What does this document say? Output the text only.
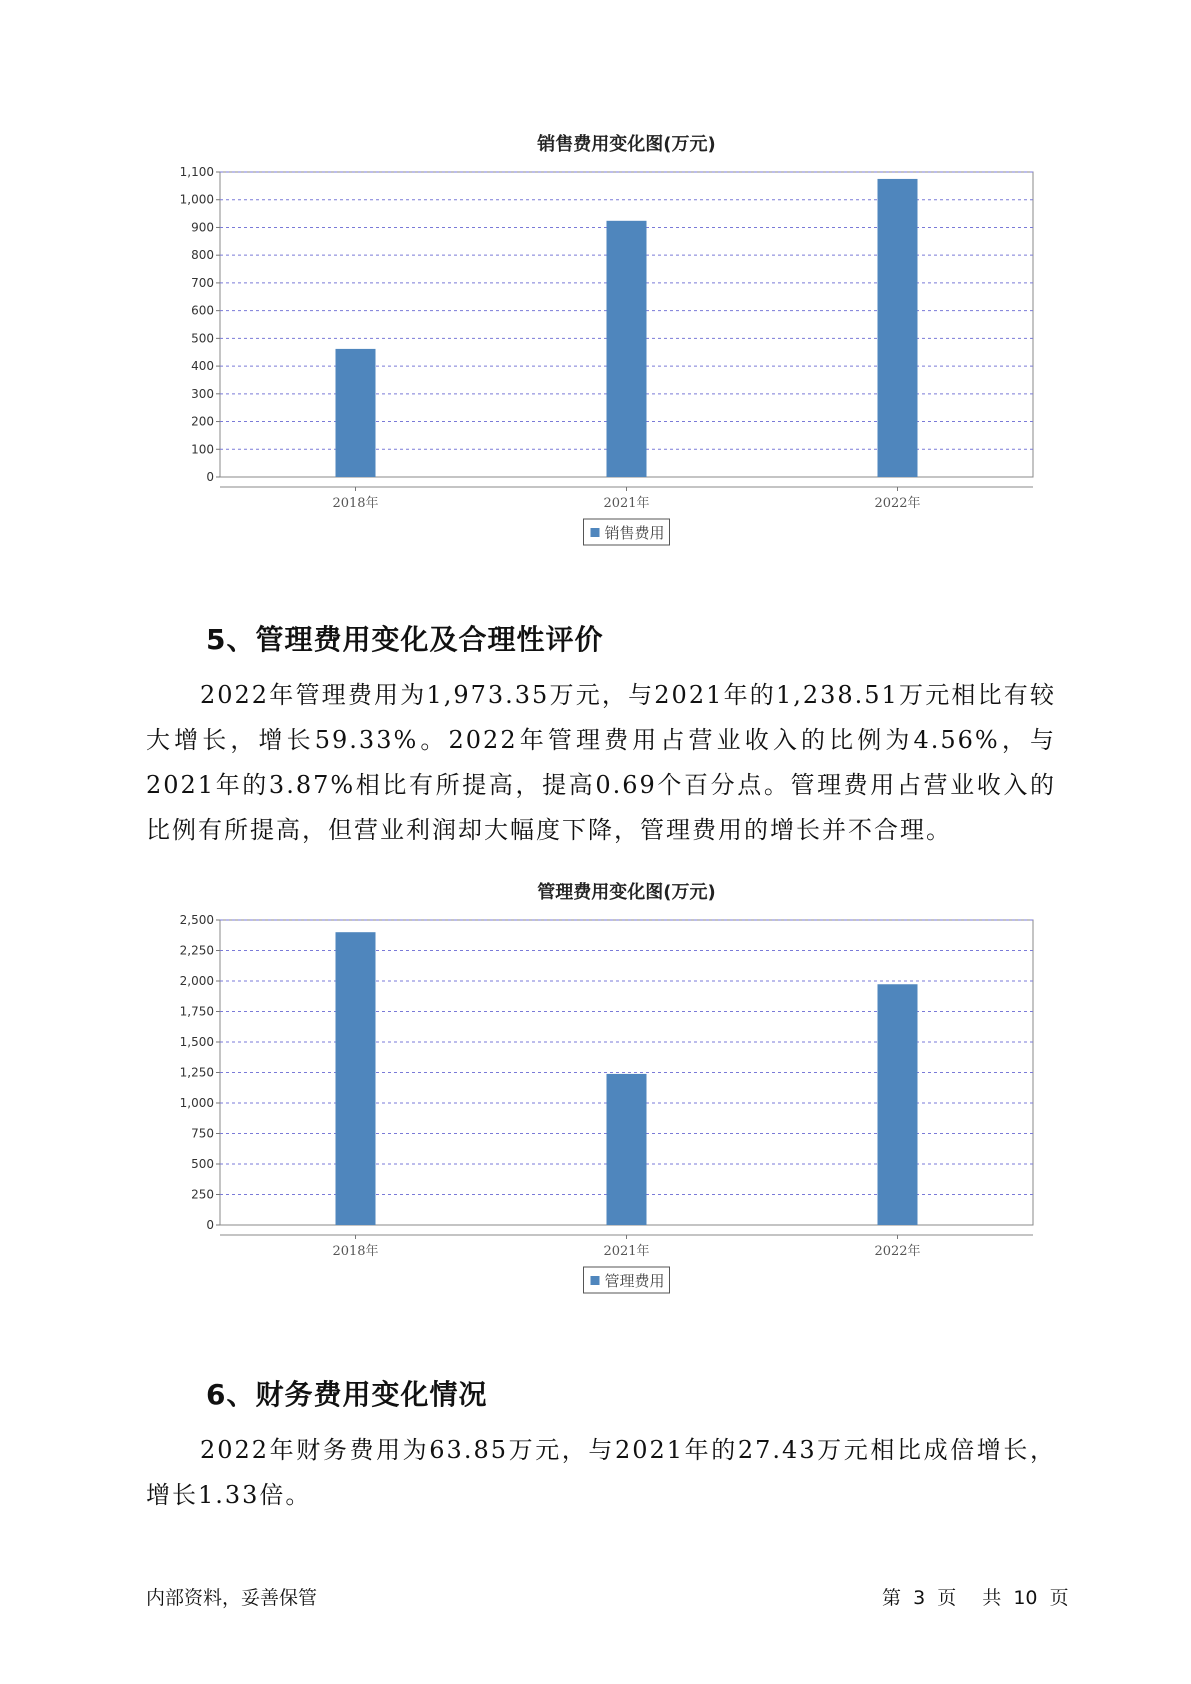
销售费用变化图(万元)
0
100
200
300
400
500
600
700
800
900
1,000
1,100
2018年	2021年	2022年
销售费用
5、管理费用变化及合理性评价

2022年管理费用为1,973.35万元，与2021年的1,238.51万元相比有较大增长，增长59.33%。2022年管理费用占营业收入的比例为4.56%，与2021年的3.87%相比有所提高，提高0.69个百分点。管理费用占营业收入的比例有所提高，但营业利润却大幅度下降，管理费用的增长并不合理。

管理费用变化图(万元)
0
250
500
750
1,000
1,250
1,500
1,750
2,000
2,250
2,500
2018年	2021年	2022年
管理费用
6、财务费用变化情况

2022年财务费用为63.85万元，与2021年的27.43万元相比成倍增长，增长1.33倍。

内部资料，妥善保管	第 3 页 共 10 页
